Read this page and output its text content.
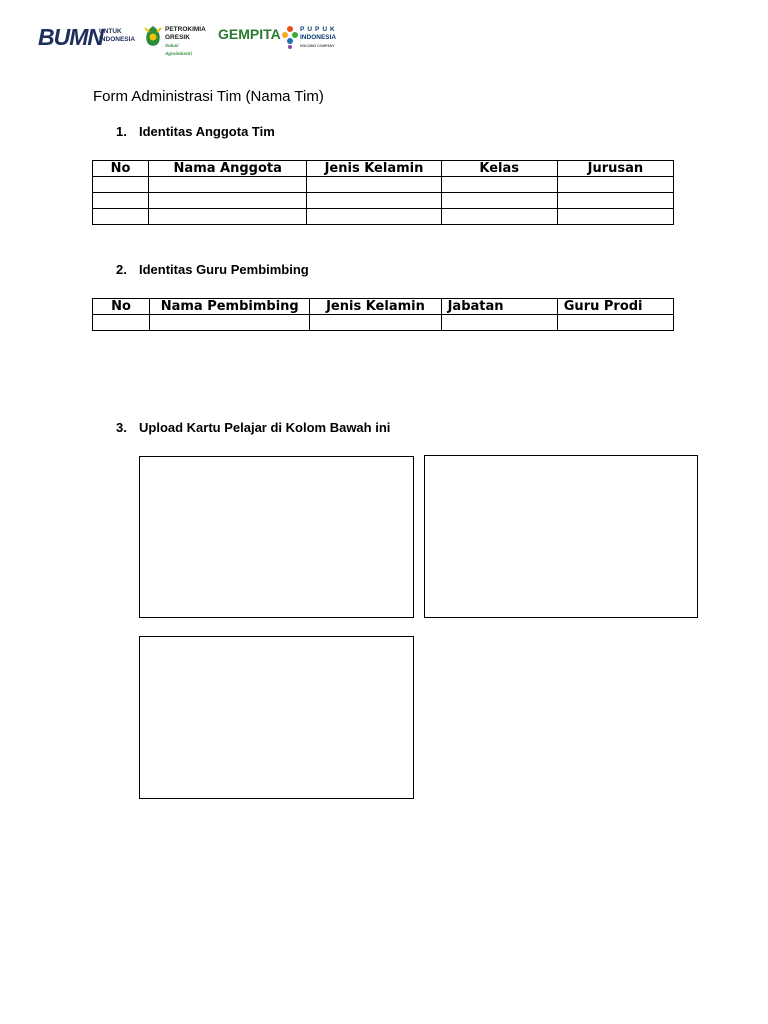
BUMN
UNTUK
INDONESIA
PETROKIMIA
GRESIK
Solusi Agroindustri
GEMPITA	PUPUK
INDONESIA
HOLDING COMPANY
Form Administrasi Tim (Nama Tim)
1. Identitas Anggota Tim
No	Nama Anggota	Jenis Kelamin	Kelas	Jurusan

2. Identitas Guru Pembimbing
No	Nama Pembimbing	Jenis Kelamin	Jabatan	Guru Prodi

3. Upload Kartu Pelajar di Kolom Bawah ini
